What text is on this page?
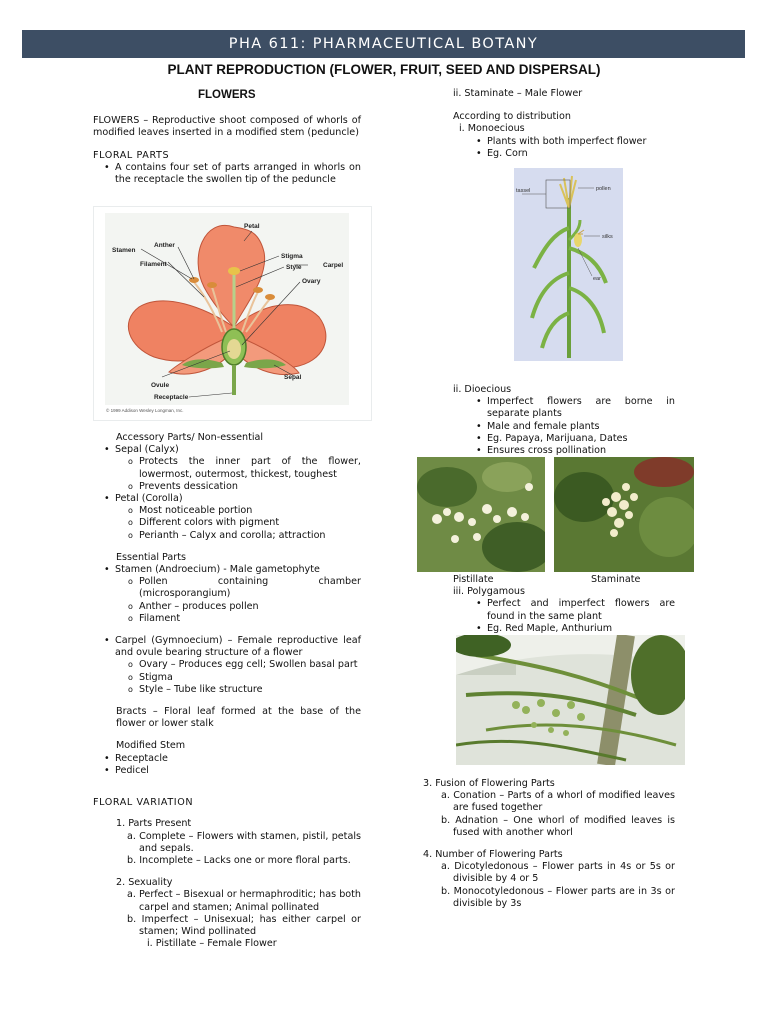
PHA 611: PHARMACEUTICAL BOTANY
PLANT REPRODUCTION (FLOWER, FRUIT, SEED AND DISPERSAL)
FLOWERS

FLOWERS – Reproductive shoot composed of whorls of modified leaves inserted in a modified stem (peduncle)

FLORAL PARTS

• A contains four set of parts arranged in whorls on the receptacle the swollen tip of the peduncle

Stamen
Anther
Filament
Petal
Stigma
Style	Carpel
Ovary
Ovule
Sepal
Receptacle
© 1999 Addison Wesley Longman, Inc.

Accessory Parts/ Non-essential

• Sepal (Calyx)

o Protects the inner part of the flower, lowermost, outermost, thickest, toughest

o Prevents dessication

• Petal (Corolla)

o Most noticeable portion

o Different colors with pigment

o Perianth – Calyx and corolla; attraction

Essential Parts

• Stamen (Androecium) - Male gametophyte

o Pollen containing chamber (microsporangium)

o Anther – produces pollen

o Filament

• Carpel (Gymnoecium) – Female reproductive leaf and ovule bearing structure of a flower

o Ovary – Produces egg cell; Swollen basal part

o Stigma

o Style – Tube like structure

Bracts – Floral leaf formed at the base of the flower or lower stalk

Modified Stem

• Receptacle

• Pedicel

FLORAL VARIATION

1. Parts Present

a. Complete – Flowers with stamen, pistil, petals and sepals.

b. Incomplete – Lacks one or more floral parts.

2. Sexuality

a. Perfect – Bisexual or hermaphroditic; has both carpel and stamen; Animal pollinated

b. Imperfect – Unisexual; has either carpel or stamen; Wind pollinated

i. Pistillate – Female Flower

ii. Staminate – Male Flower

According to distribution

i. Monoecious

• Plants with both imperfect flower

• Eg. Corn

tassel	pollen
silks
ear

ii. Dioecious

• Imperfect flowers are borne in separate plants

• Male and female plants

• Eg. Papaya, Marijuana, Dates

• Ensures cross pollination

Pistillate	Staminate

iii. Polygamous

• Perfect and imperfect flowers are found in the same plant

• Eg. Red Maple, Anthurium

3. Fusion of Flowering Parts

a. Conation – Parts of a whorl of modified leaves are fused together

b. Adnation – One whorl of modified leaves is fused with another whorl

4. Number of Flowering Parts

a. Dicotyledonous – Flower parts in 4s or 5s or divisible by 4 or 5

b. Monocotyledonous – Flower parts are in 3s or divisible by 3s
